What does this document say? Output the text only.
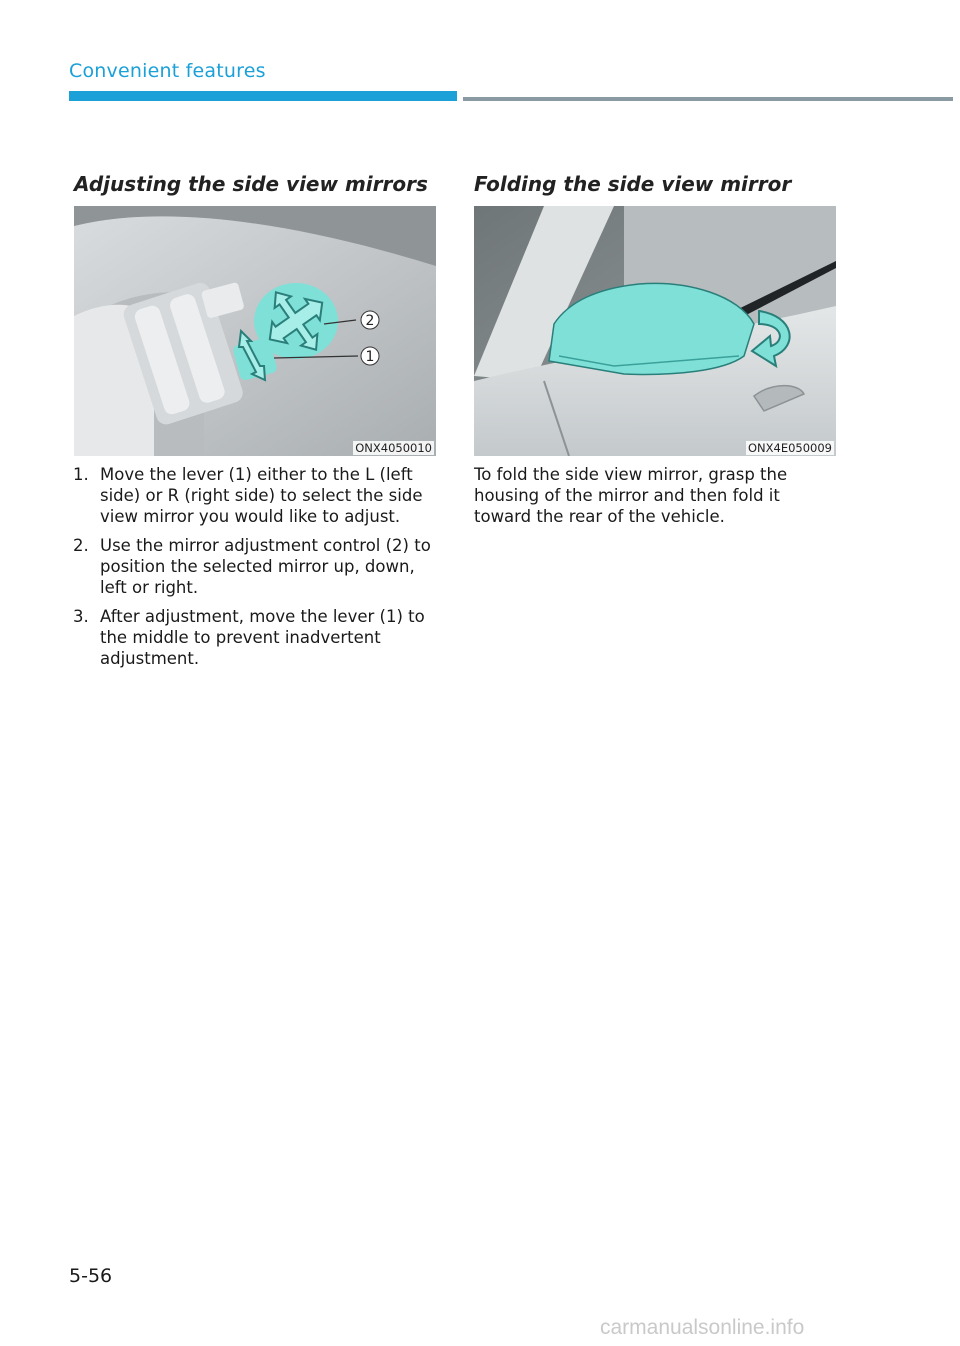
Convenient features
Adjusting the side view mirrors
2
1
ONX4050010
1. Move the lever (1) either to the L (left side) or R (right side) to select the side view mirror you would like to adjust.
2. Use the mirror adjustment control (2) to position the selected mirror up, down, left or right.
3. After adjustment, move the lever (1) to the middle to prevent inadvertent adjustment.
Folding the side view mirror
ONX4E050009

To fold the side view mirror, grasp the housing of the mirror and then fold it toward the rear of the vehicle.

5-56
carmanualsonline.info
